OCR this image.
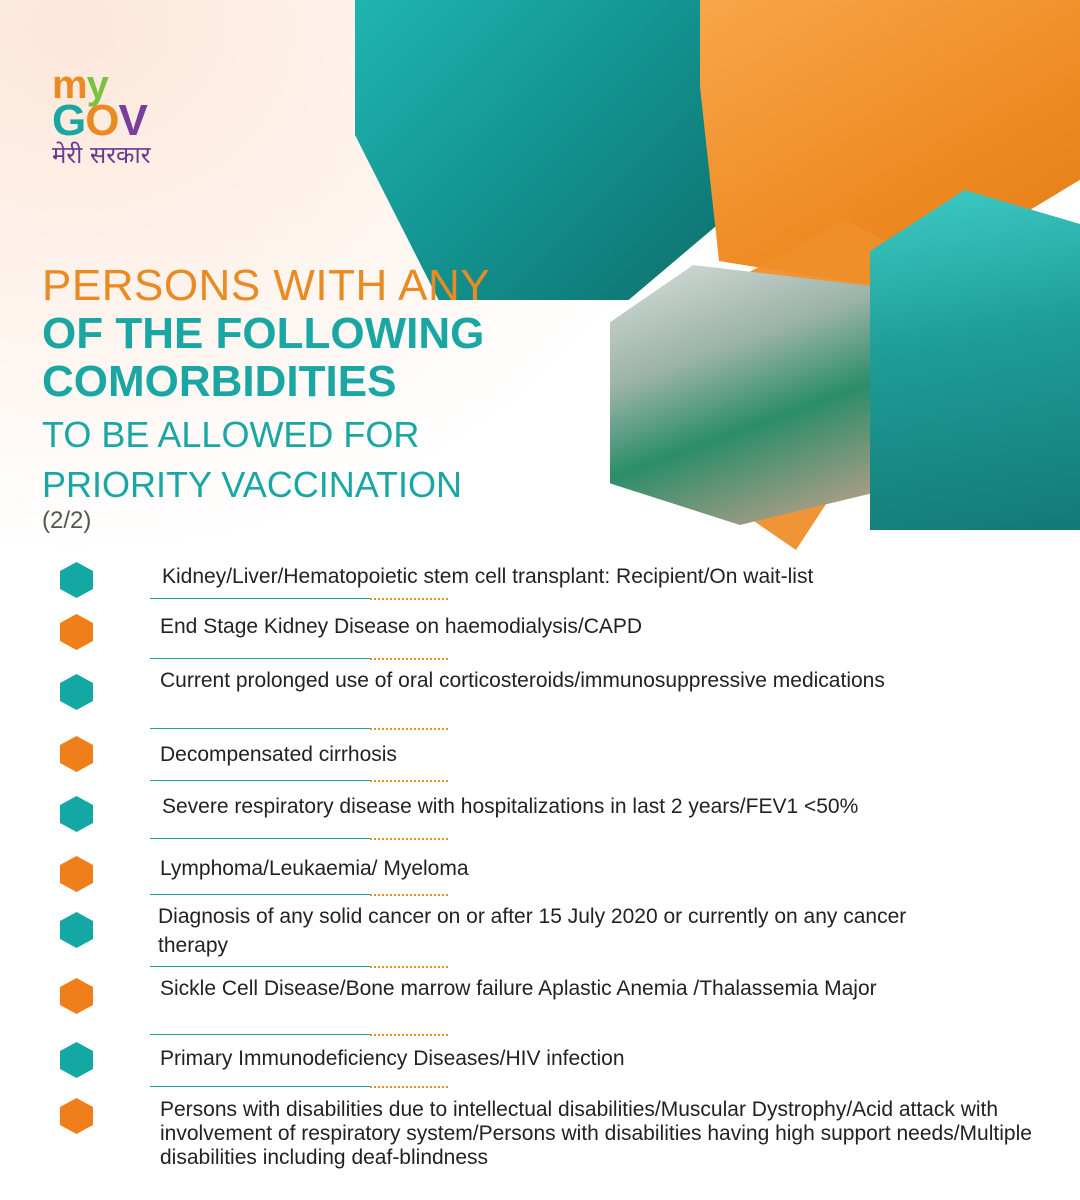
my
GOV
मेरी सरकार
PERSONS WITH ANY
OF THE FOLLOWING
COMORBIDITIES
TO BE ALLOWED FOR
PRIORITY VACCINATION
(2/2)
Kidney/Liver/Hematopoietic stem cell transplant: Recipient/On wait-list
End Stage Kidney Disease on haemodialysis/CAPD
Current prolonged use of oral corticosteroids/immunosuppressive medications
Decompensated cirrhosis
Severe respiratory disease with hospitalizations in last 2 years/FEV1 <50%
Lymphoma/Leukaemia/ Myeloma
Diagnosis of any solid cancer on or after 15 July 2020 or currently on any cancer therapy
Sickle Cell Disease/Bone marrow failure Aplastic Anemia /Thalassemia Major
Primary Immunodeficiency Diseases/HIV infection
Persons with disabilities due to intellectual disabilities/Muscular Dystrophy/Acid attack with involvement of respiratory system/Persons with disabilities having high support needs/Multiple disabilities including deaf-blindness
